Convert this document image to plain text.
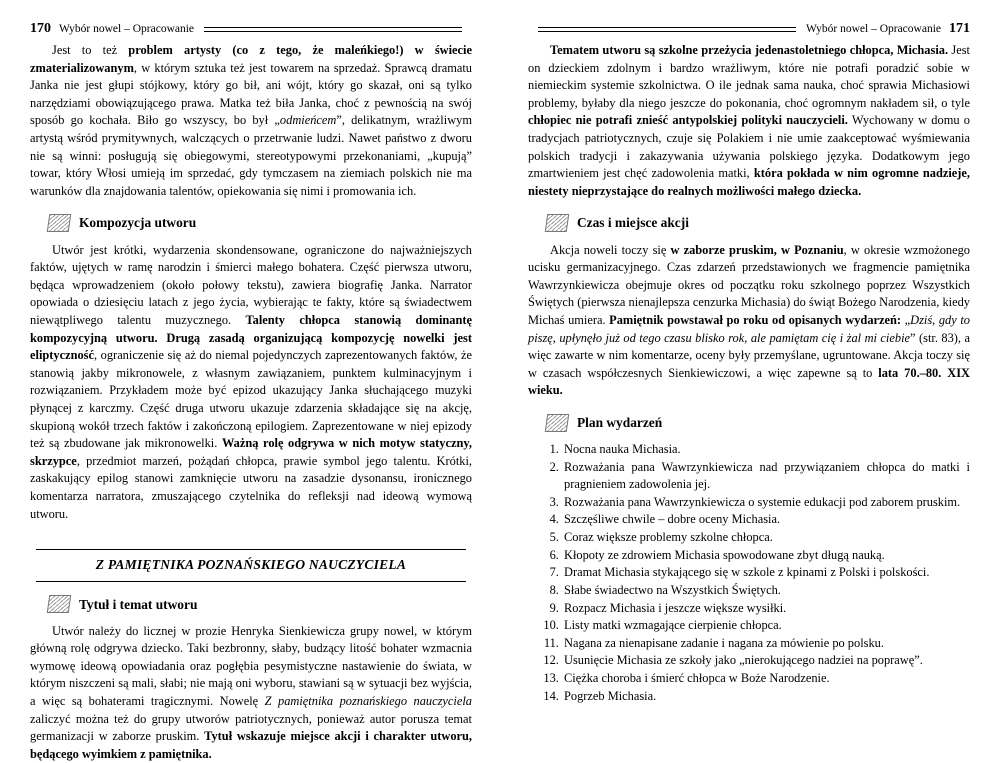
170 Wybór nowel – Opracowanie

Jest to też problem artysty (co z tego, że maleńkiego!) w świecie zmaterializowanym, w którym sztuka też jest towarem na sprzedaż. Sprawcą dramatu Janka nie jest głupi stójkowy, który go bił, ani wójt, który go skazał, oni są tylko narzędziami obowiązującego prawa. Matka też biła Janka, choć z pewnością na swój sposób go kochała. Biło go wszyscy, bo był „odmieńcem”, delikatnym, wrażliwym artystą wśród prymitywnych, walczących o przetrwanie ludzi. Nawet państwo z dworu nie są winni: posługują się obiegowymi, stereotypowymi przekonaniami, „kupują” towar, który Włosi umieją im sprzedać, gdy tymczasem na ziemiach polskich nie ma warunków dla znajdowania talentów, opiekowania się nimi i promowania ich.

Kompozycja utworu

Utwór jest krótki, wydarzenia skondensowane, ograniczone do najważniejszych faktów, ujętych w ramę narodzin i śmierci małego bohatera. Część pierwsza utworu, będąca wprowadzeniem (około połowy tekstu), zawiera biografię Janka. Narrator opowiada o dziesięciu latach z jego życia, wybierając te fakty, które są świadectwem niewątpliwego talentu muzycznego. Talenty chłopca stanowią dominantę kompozycyjną utworu. Drugą zasadą organizującą kompozycję nowelki jest eliptyczność, ograniczenie się aż do niemal pojedynczych zaprezentowanych faktów, że stanowią jakby mikronowele, z własnym zawiązaniem, punktem kulminacyjnym i rozwiązaniem. Przykładem może być epizod ukazujący Janka słuchającego muzyki płynącej z karczmy. Część druga utworu ukazuje zdarzenia składające się na akcję, skupioną wokół trzech faktów i zakończoną epilogiem. Zaprezentowane w niej epizody też są zbudowane jak mikronowelki. Ważną rolę odgrywa w nich motyw statyczny, skrzypce, przedmiot marzeń, pożądań chłopca, prawie symbol jego talentu. Krótki, zaskakujący epilog stanowi zamknięcie utworu na zasadzie dysonansu, ironicznego komentarza narratora, zmuszającego czytelnika do refleksji nad ideową wymową utworu.

Z PAMIĘTNIKA POZNAŃSKIEGO NAUCZYCIELA
Tytuł i temat utworu

Utwór należy do licznej w prozie Henryka Sienkiewicza grupy nowel, w którym główną rolę odgrywa dziecko. Taki bezbronny, słaby, budzący litość bohater wzmacnia wymowę ideową opowiadania oraz pogłębia pesymistyczne nastawienie do świata, w którym niszczeni są mali, słabi; nie mają oni wyboru, stawiani są w sytuacji bez wyjścia, a więc są bohaterami tragicznymi. Nowelę Z pamiętnika poznańskiego nauczyciela zaliczyć można też do grupy utworów patriotycznych, ponieważ autor porusza temat germanizacji w zaborze pruskim. Tytuł wskazuje miejsce akcji i charakter utworu, będącego wyimkiem z pamiętnika.

Wybór nowel – Opracowanie 171

Tematem utworu są szkolne przeżycia jedenastoletniego chłopca, Michasia. Jest on dzieckiem zdolnym i bardzo wrażliwym, które nie potrafi poradzić sobie w niemieckim systemie szkolnictwa. O ile jednak sama nauka, choć sprawia Michasiowi problemy, byłaby dla niego jeszcze do pokonania, choć ogromnym nakładem sił, o tyle chłopiec nie potrafi znieść antypolskiej polityki nauczycieli. Wychowany w domu o tradycjach patriotycznych, czuje się Polakiem i nie umie zaakceptować wyśmiewania polskich tradycji i zakazywania używania polskiego języka. Dodatkowym jego zmartwieniem jest chęć zadowolenia matki, która pokłada w nim ogromne nadzieje, niestety nieprzystające do realnych możliwości małego dziecka.

Czas i miejsce akcji

Akcja noweli toczy się w zaborze pruskim, w Poznaniu, w okresie wzmożonego ucisku germanizacyjnego. Czas zdarzeń przedstawionych we fragmencie pamiętnika Wawrzynkiewicza obejmuje okres od początku roku szkolnego poprzez Wszystkich Świętych (pierwsza nienajlepsza cenzurka Michasia) do świąt Bożego Narodzenia, kiedy Michaś umiera. Pamiętnik powstawał po roku od opisanych wydarzeń: „Dziś, gdy to piszę, upłynęło już od tego czasu blisko rok, ale pamiętam cię i żal mi ciebie” (str. 83), a więc zawarte w nim komentarze, oceny były przemyślane, ugruntowane. Akcja toczy się w czasach współczesnych Sienkiewiczowi, a więc zapewne są to lata 70.–80. XIX wieku.

Plan wydarzeń
1. Nocna nauka Michasia.
2. Rozważania pana Wawrzynkiewicza nad przywiązaniem chłopca do matki i pragnieniem zadowolenia jej.
3. Rozważania pana Wawrzynkiewicza o systemie edukacji pod zaborem pruskim.
4. Szczęśliwe chwile – dobre oceny Michasia.
5. Coraz większe problemy szkolne chłopca.
6. Kłopoty ze zdrowiem Michasia spowodowane zbyt długą nauką.
7. Dramat Michasia stykającego się w szkole z kpinami z Polski i polskości.
8. Słabe świadectwo na Wszystkich Świętych.
9. Rozpacz Michasia i jeszcze większe wysiłki.
10. Listy matki wzmagające cierpienie chłopca.
11. Nagana za nienapisane zadanie i nagana za mówienie po polsku.
12. Usunięcie Michasia ze szkoły jako „nierokującego nadziei na poprawę”.
13. Ciężka choroba i śmierć chłopca w Boże Narodzenie.
14. Pogrzeb Michasia.
